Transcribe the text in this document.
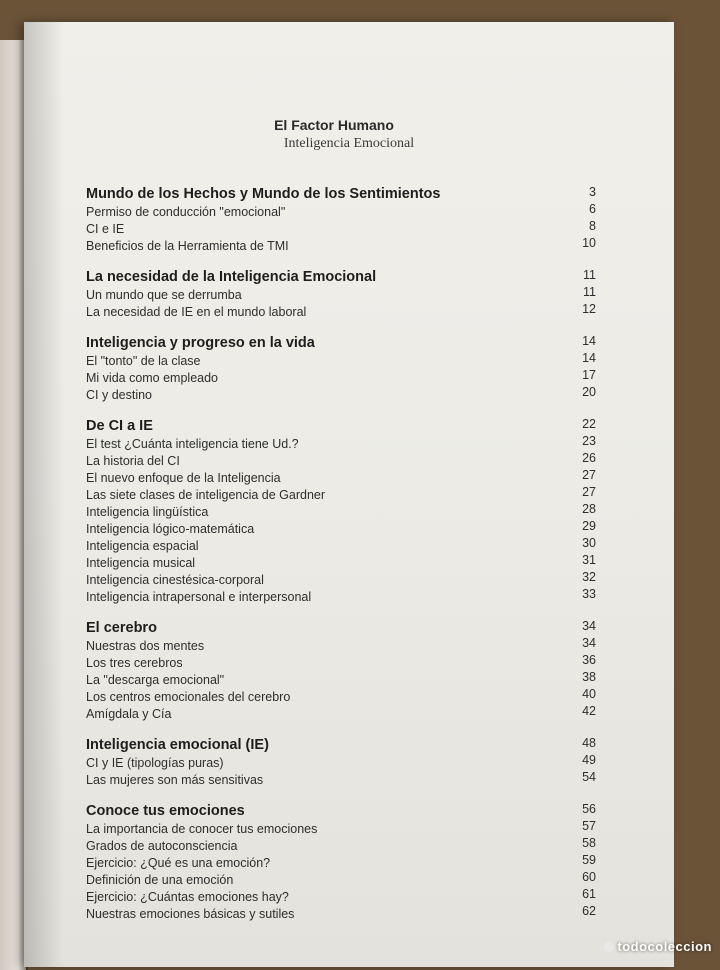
El Factor Humano
Inteligencia Emocional
Mundo de los Hechos y Mundo de los Sentimientos
Permiso de conducción "emocional"
CI e IE
Beneficios de la Herramienta de TMI
3
6
8
10
La necesidad de la Inteligencia Emocional
Un mundo que se derrumba
La necesidad de IE en el mundo laboral
11
11
12
Inteligencia y progreso en la vida
El "tonto" de la clase
Mi vida como empleado
CI y destino
14
14
17
20
De CI a IE
El test ¿Cuánta inteligencia tiene Ud.?
La historia del CI
El nuevo enfoque de la Inteligencia
Las siete clases de inteligencia de Gardner
Inteligencia lingüística
Inteligencia lógico-matemática
Inteligencia espacial
Inteligencia musical
Inteligencia cinestésica-corporal
Inteligencia intrapersonal e interpersonal
22
23
26
27
27
28
29
30
31
32
33
El cerebro
Nuestras dos mentes
Los tres cerebros
La "descarga emocional"
Los centros emocionales del cerebro
Amígdala y Cía
34
34
36
38
40
42
Inteligencia emocional (IE)
CI y IE (tipologías puras)
Las mujeres son más sensitivas
48
49
54
Conoce tus emociones
La importancia de conocer tus emociones
Grados de autoconsciencia
Ejercicio: ¿Qué es una emoción?
Definición de una emoción
Ejercicio: ¿Cuántas emociones hay?
Nuestras emociones básicas y sutiles
56
57
58
59
60
61
62
todocoleccion
